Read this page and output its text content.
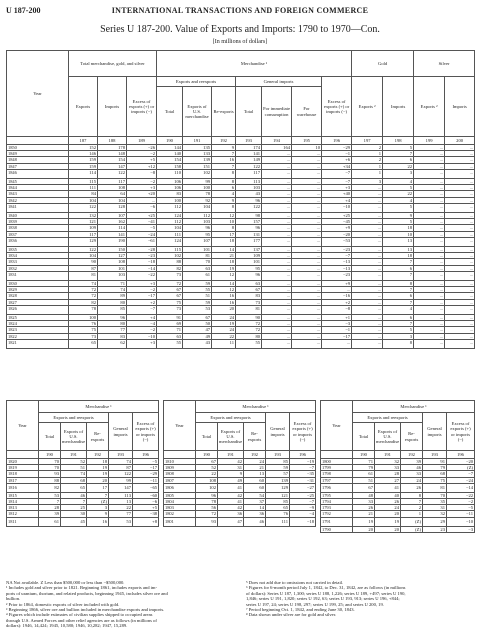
U 187-200	INTERNATIONAL TRANSACTIONS AND FOREIGN COMMERCE
Series U 187-200. Value of Exports and Imports: 1790 to 1970—Con.
[In millions of dollars]
Year	Total merchandise, gold, and silver			Merchandise ¹							Gold		Silver	
	Exports	Imports	Excess of exports (+) or imports (−)	Exports and reexports			General imports			Excess of exports (+) or imports (−)	Exports ²	Imports	Exports ²	Imports
				Total	Exports of U.S. merchandise	Re-exports	Total	For immediate consumption	For warehouse					
	187	188	189	190	191	192	193	194	195	196	197	198	199	200
1850	152	178	−26	144	135	9	174	164	10	−29	2	5	...	...
1849	146	148	−2	140	133	7	141	...	...	−1	1	7	...	...
1848	159	154	+5	154	139	16	149	...	...	+6	2	6	...	...
1847	159	147	+12	158	151	7	122	...	...	+34	1	22	...	...
1846	114	122	−8	110	102	8	117	...	...	−7	1	3	...	...
1845	115	117	−2	106	99	8	113	...	...	−7	3	4	...	...
1844	111	108	+3	106	100	6	103	...	...	+3	...	5	...	...
1843	84	64	+20	83	78	4	43	...	...	+40	...	22	...	...
1842	104	104	...	100	92	9	96	...	...	+4	...	4	...	...
1841	122	128	−6	112	104	8	122	...	...	−10	...	5	...	...
1840	132	107	+25	124	112	12	98	...	...	+25	...	9	...	...
1839	121	162	−41	112	103	10	157	...	...	−45	...	5	...	...
1838	109	114	−5	104	96	8	96	...	...	+9	...	18	...	...
1837	117	141	−24	111	95	17	131	...	...	−20	...	10	...	...
1836	129	190	−61	124	107	18	177	...	...	−53	...	13	...	...
1835	122	150	−28	115	101	14	137	...	...	−23	...	13	...	...
1834	104	127	−23	102	81	21	109	...	...	−7	...	18	...	...
1833	90	108	−18	88	70	18	101	...	...	−13	...	7	...	...
1832	87	101	−14	82	63	19	95	...	...	−13	...	6	...	...
1831	81	103	−22	73	61	12	96	...	...	−23	...	7	...	...
1830	74	71	+3	72	59	14	63	...	...	+9	...	8	...	...
1829	72	74	−2	67	55	12	67	...	...	...	...	7	...	...
1828	72	89	−17	67	51	16	83	...	...	−16	...	6	...	...
1827	82	80	+2	75	59	16	73	...	...	+2	...	7	...	...
1826	78	85	−7	73	53	20	81	...	...	−8	...	4	...	...
1825	100	96	+4	91	67	24	90	...	...	+1	...	6	...	...
1824	76	80	−4	69	50	19	72	...	...	−3	...	7	...	...
1823	75	77	−2	71	47	24	72	...	...	−1	...	5	...	...
1822	73	83	−10	63	49	22	80	...	...	−17	...	3	...	...
1821	65	62	+3	55	43	11	55	...	...	...	...	8	...	...
Year	Merchandise ¹				
	Exports and reexports			General imports	Excess of exports (+) or imports (−)
	Total	Exports of U.S. merchandise	Re-exports		
	190	191	192	193	196
1820	70	52	18	74	−5
1819	70	51	19	87	−17
1818	93	74	19	122	−29
1817	88	68	20	99	−11
1816	82	65	17	147	−65
1815	53	46	7	113	−60
1814	7	7	(Z)	13	−6
1813	28	25	3	22	+5
1812	39	30	9	77	−38
1811	61	45	16	53	+8
Year	Merchandise ¹				
	Exports and reexports			General imports	Excess of exports (+) or imports (−)
	Total	Exports of U.S. merchandise	Re-exports		
	190	191	192	193	196
1810	67	42	24	85	−19
1809	52	31	21	59	−7
1808	22	9	13	57	−35
1807	108	49	60	139	−31
1806	102	41	60	129	−27
1805	96	42	54	121	−25
1804	78	41	37	85	−7
1803	56	42	14	65	−9
1802	72	36	36	76	−4
1801	93	47	46	111	−18
Year	Merchandise ¹				
	Exports and reexports			General imports	Excess of exports (+) or imports (−)
	Total	Exports of U.S. merchandise	Re-exports		
	190	191	192	193	196
1800	71	32	39	91	−20
1799	79	33	46	79	(Z)
1798	61	28	33	68	−7
1797	51	27	24	75	−24
1796	67	41	26	81	−14
1795	48	40	8	70	−22
1794	33	26	7	35	−2
1793	26	24	2	31	−5
1792	21	20	1	32	−11
1791	19	19	(Z)	29	−10
1790	20	20	(Z)	23	−3
NA Not available. Z Less than $500,000 or less than −$500,000.
¹ Includes gold and silver prior to 1821. Beginning 1861, includes exports and im-
ports of uranium, thorium, and related products, beginning 1945, includes silver ore and
bullion.
² Prior to 1864, domestic exports of silver included with gold.
³ Beginning 1866, silver ore and bullion included in merchandise exports and imports.
⁴ Figures which include estimates of civilian supplies shipped to occupied areas
through U.S. Armed Forces and other relief agencies are as follows (in millions of
dollars): 1946, 14,424; 1945, 10,580; 1946, 10,282; 1947, 15,289.
⁵ Does not add due to omissions not carried in detail.
⁶ Figures for 6-month period July 1, 1842, to Dec. 31, 1842, are as follows (in millions
of dollars): Series U 187, 1,300; series U 188, 1,226; series U 189, +497; series U 190,
1,846; series U 191, 1,820; series U 192, 63; series U 193, 913; series U 196, +844;
series U 197, 24; series U 198, 297; series U 199, 25; and series U 200, 19.
⁷ Period beginning Oct. 1, 1842, and ending June 30, 1843.
⁸ Data shown under silver are for gold and silver.
